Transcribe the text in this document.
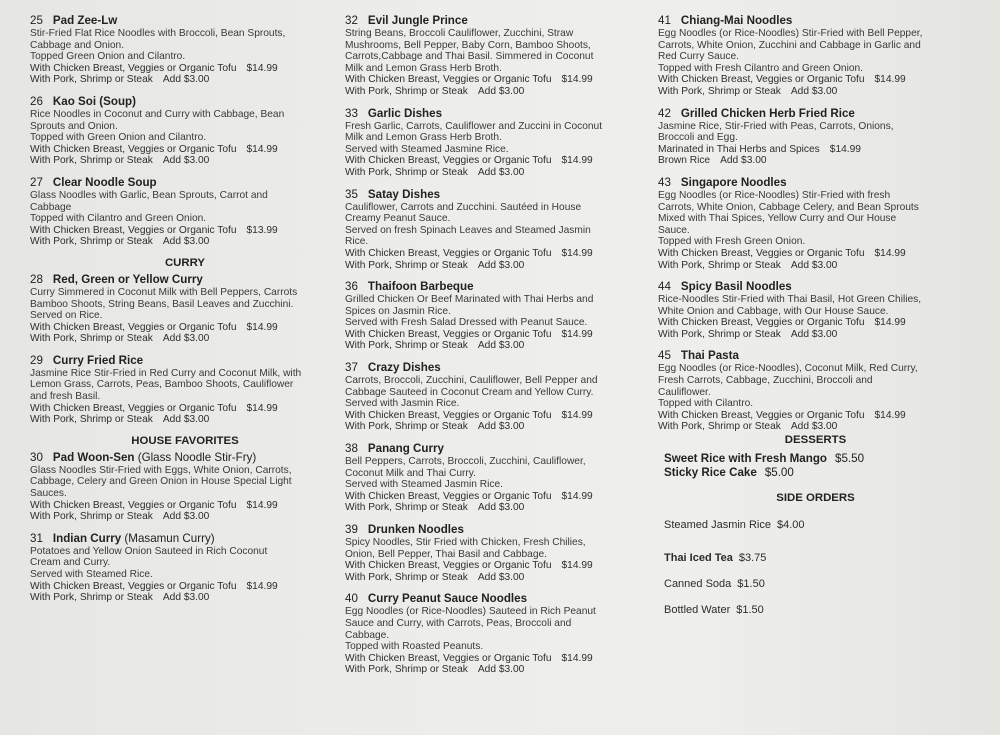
25 Pad Zee-Lw
Stir-Fried Flat Rice Noodles with Broccoli, Bean Sprouts,
Cabbage and Onion.
Topped Green Onion and Cilantro.
With Chicken Breast, Veggies or Organic Tofu $14.99
With Pork, Shrimp or Steak Add $3.00
26 Kao Soi (Soup)
Rice Noodles in Coconut and Curry with Cabbage, Bean
Sprouts and Onion.
Topped with Green Onion and Cilantro.
With Chicken Breast, Veggies or Organic Tofu $14.99
With Pork, Shrimp or Steak Add $3.00
27 Clear Noodle Soup
Glass Noodles with Garlic, Bean Sprouts, Carrot and
Cabbage
Topped with Cilantro and Green Onion.
With Chicken Breast, Veggies or Organic Tofu $13.99
With Pork, Shrimp or Steak Add $3.00
CURRY
28 Red, Green or Yellow Curry
Curry Simmered in Coconut Milk with Bell Peppers, Carrots
Bamboo Shoots, String Beans, Basil Leaves and Zucchini.
Served on Rice.
With Chicken Breast, Veggies or Organic Tofu $14.99
With Pork, Shrimp or Steak Add $3.00
29 Curry Fried Rice
Jasmine Rice Stir-Fried in Red Curry and Coconut Milk, with
Lemon Grass, Carrots, Peas, Bamboo Shoots, Cauliflower
and fresh Basil.
With Chicken Breast, Veggies or Organic Tofu $14.99
With Pork, Shrimp or Steak Add $3.00
HOUSE FAVORITES
30 Pad Woon-Sen (Glass Noodle Stir-Fry)
Glass Noodles Stir-Fried with Eggs, White Onion, Carrots,
Cabbage, Celery and Green Onion in House Special Light
Sauces.
With Chicken Breast, Veggies or Organic Tofu $14.99
With Pork, Shrimp or Steak Add $3.00
31 Indian Curry (Masamun Curry)
Potatoes and Yellow Onion Sauteed in Rich Coconut
Cream and Curry.
Served with Steamed Rice.
With Chicken Breast, Veggies or Organic Tofu $14.99
With Pork, Shrimp or Steak Add $3.00
32 Evil Jungle Prince
String Beans, Broccoli Cauliflower, Zucchini, Straw
Mushrooms, Bell Pepper, Baby Corn, Bamboo Shoots,
Carrots,Cabbage and Thai Basil. Simmered in Coconut
Milk and Lemon Grass Herb Broth.
With Chicken Breast, Veggies or Organic Tofu $14.99
With Pork, Shrimp or Steak Add $3.00
33 Garlic Dishes
Fresh Garlic, Carrots, Cauliflower and Zuccini in Coconut
Milk and Lemon Grass Herb Broth.
Served with Steamed Jasmine Rice.
With Chicken Breast, Veggies or Organic Tofu $14.99
With Pork, Shrimp or Steak Add $3.00
35 Satay Dishes
Cauliflower, Carrots and Zucchini. Sautéed in House
Creamy Peanut Sauce.
Served on fresh Spinach Leaves and Steamed Jasmin
Rice.
With Chicken Breast, Veggies or Organic Tofu $14.99
With Pork, Shrimp or Steak Add $3.00
36 Thaifoon Barbeque
Grilled Chicken Or Beef Marinated with Thai Herbs and
Spices on Jasmin Rice.
Served with Fresh Salad Dressed with Peanut Sauce.
With Chicken Breast, Veggies or Organic Tofu $14.99
With Pork, Shrimp or Steak Add $3.00
37 Crazy Dishes
Carrots, Broccoli, Zucchini, Cauliflower, Bell Pepper and
Cabbage Sauteed in Coconut Cream and Yellow Curry.
Served with Jasmin Rice.
With Chicken Breast, Veggies or Organic Tofu $14.99
With Pork, Shrimp or Steak Add $3.00
38 Panang Curry
Bell Peppers, Carrots, Broccoli, Zucchini, Cauliflower,
Coconut Milk and Thai Curry.
Served with Steamed Jasmin Rice.
With Chicken Breast, Veggies or Organic Tofu $14.99
With Pork, Shrimp or Steak Add $3.00
39 Drunken Noodles
Spicy Noodles, Stir Fried with Chicken, Fresh Chilies,
Onion, Bell Pepper, Thai Basil and Cabbage.
With Chicken Breast, Veggies or Organic Tofu $14.99
With Pork, Shrimp or Steak Add $3.00
40 Curry Peanut Sauce Noodles
Egg Noodles (or Rice-Noodles) Sauteed in Rich Peanut
Sauce and Curry, with Carrots, Peas, Broccoli and
Cabbage.
Topped with Roasted Peanuts.
With Chicken Breast, Veggies or Organic Tofu $14.99
With Pork, Shrimp or Steak Add $3.00
41 Chiang-Mai Noodles
Egg Noodles (or Rice-Noodles) Stir-Fried with Bell Pepper,
Carrots, White Onion, Zucchini and Cabbage in Garlic and
Red Curry Sauce.
Topped with Fresh Cilantro and Green Onion.
With Chicken Breast, Veggies or Organic Tofu $14.99
With Pork, Shrimp or Steak Add $3.00
42 Grilled Chicken Herb Fried Rice
Jasmine Rice, Stir-Fried with Peas, Carrots, Onions,
Broccoli and Egg.
Marinated in Thai Herbs and Spices $14.99
Brown Rice Add $3.00
43 Singapore Noodles
Egg Noodles (or Rice-Noodles) Stir-Fried with fresh
Carrots, White Onion, Cabbage Celery, and Bean Sprouts
Mixed with Thai Spices, Yellow Curry and Our House
Sauce.
Topped with Fresh Green Onion.
With Chicken Breast, Veggies or Organic Tofu $14.99
With Pork, Shrimp or Steak Add $3.00
44 Spicy Basil Noodles
Rice-Noodles Stir-Fried with Thai Basil, Hot Green Chilies,
White Onion and Cabbage, with Our House Sauce.
With Chicken Breast, Veggies or Organic Tofu $14.99
With Pork, Shrimp or Steak Add $3.00
45 Thai Pasta
Egg Noodles (or Rice-Noodles), Coconut Milk, Red Curry,
Fresh Carrots, Cabbage, Zucchini, Broccoli and
Cauliflower.
Topped with Cilantro.
With Chicken Breast, Veggies or Organic Tofu $14.99
With Pork, Shrimp or Steak Add $3.00
DESSERTS
Sweet Rice with Fresh Mango $5.50
Sticky Rice Cake $5.00
SIDE ORDERS
Steamed Jasmin Rice $4.00
Thai Iced Tea $3.75
Canned Soda $1.50
Bottled Water $1.50
